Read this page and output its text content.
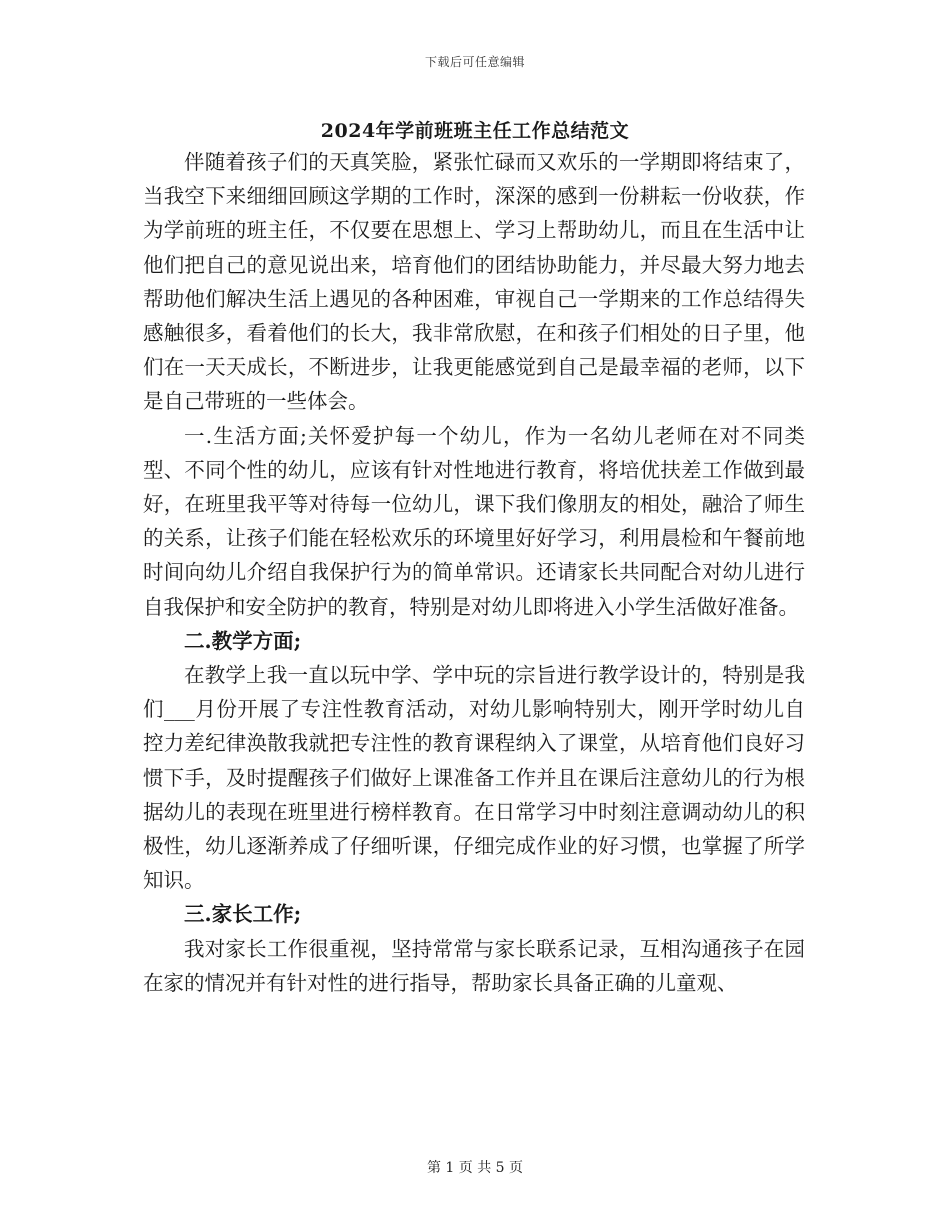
下载后可任意编辑
2024年学前班班主任工作总结范文

伴随着孩子们的天真笑脸，紧张忙碌而又欢乐的一学期即将结束了，当我空下来细细回顾这学期的工作时，深深的感到一份耕耘一份收获，作为学前班的班主任，不仅要在思想上、学习上帮助幼儿，而且在生活中让他们把自己的意见说出来，培育他们的团结协助能力，并尽最大努力地去帮助他们解决生活上遇见的各种困难，审视自己一学期来的工作总结得失感触很多，看着他们的长大，我非常欣慰，在和孩子们相处的日子里，他们在一天天成长，不断进步，让我更能感觉到自己是最幸福的老师，以下是自己带班的一些体会。

一.生活方面;关怀爱护每一个幼儿，作为一名幼儿老师在对不同类型、不同个性的幼儿，应该有针对性地进行教育，将培优扶差工作做到最好，在班里我平等对待每一位幼儿，课下我们像朋友的相处，融洽了师生的关系，让孩子们能在轻松欢乐的环境里好好学习，利用晨检和午餐前地时间向幼儿介绍自我保护行为的简单常识。还请家长共同配合对幼儿进行自我保护和安全防护的教育，特别是对幼儿即将进入小学生活做好准备。

二.教学方面;

在教学上我一直以玩中学、学中玩的宗旨进行教学设计的，特别是我们___月份开展了专注性教育活动，对幼儿影响特别大，刚开学时幼儿自控力差纪律涣散我就把专注性的教育课程纳入了课堂，从培育他们良好习惯下手，及时提醒孩子们做好上课准备工作并且在课后注意幼儿的行为根据幼儿的表现在班里进行榜样教育。在日常学习中时刻注意调动幼儿的积极性，幼儿逐渐养成了仔细听课，仔细完成作业的好习惯，也掌握了所学知识。

三.家长工作;

我对家长工作很重视，坚持常常与家长联系记录，互相沟通孩子在园在家的情况并有针对性的进行指导，帮助家长具备正确的儿童观、

第 1 页 共 5 页
